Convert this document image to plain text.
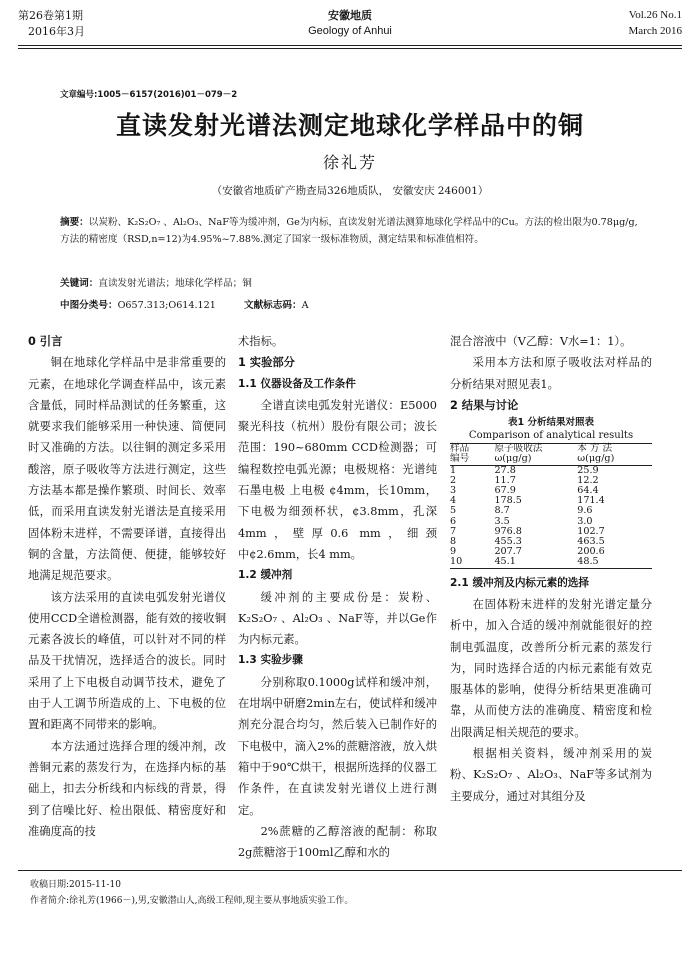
第26卷第1期
2016年3月
安徽地质
Geology of Anhui
Vol.26 No.1
March 2016
文章编号:1005－6157(2016)01－079－2
直读发射光谱法测定地球化学样品中的铜
徐礼芳
（安徽省地质矿产勘查局326地质队， 安徽安庆 246001）
摘要：以炭粉、K₂S₂O₇ 、Al₂O₃、NaF等为缓冲剂，Ge为内标，直读发射光谱法测算地球化学样品中的Cu。方法的检出限为0.78μg/g,方法的精密度（RSD,n=12)为4.95%~7.88%.测定了国家一级标准物质，测定结果和标准值相符。
关键词：直读发射光谱法；地球化学样品；铜
中图分类号：O657.313;O614.121	文献标志码：A
0 引言

铜在地球化学样品中是非常重要的元素，在地球化学调查样品中，该元素含量低，同时样品测试的任务繁重，这就要求我们能够采用一种快速、简便同时又准确的方法。以往铜的测定多采用酸溶，原子吸收等方法进行测定，这些方法基本都是操作繁琐、时间长、效率低，而采用直读发射光谱法是直接采用固体粉末进样，不需要译谱，直接得出铜的含量，方法简便、便捷，能够较好地满足规范要求。

该方法采用的直读电弧发射光谱仪使用CCD全谱检测器，能有效的接收铜元素各波长的峰值，可以针对不同的样品及干扰情况，选择适合的波长。同时采用了上下电极自动调节技术，避免了由于人工调节所造成的上、下电极的位置和距离不同带来的影响。

本方法通过选择合理的缓冲剂，改善铜元素的蒸发行为，在选择内标的基础上，扣去分析线和内标线的背景，得到了信噪比好、检出限低、精密度好和准确度高的技

术指标。

1 实验部分
1.1 仪器设备及工作条件

全谱直读电弧发射光谱仪：E5000聚光科技（杭州）股份有限公司；波长范围：190~680mm CCD检测器；可编程数控电弧光源；电极规格：光谱纯石墨电极 上电极 ¢4mm，长10mm，下电极为细颈杯状，¢3.8mm，孔深4mm，壁厚0.6 mm，细颈中¢2.6mm，长4 mm。

1.2 缓冲剂

缓冲剂的主要成份是：炭粉、K₂S₂O₇ 、Al₂O₃ 、NaF等，并以Ge作为内标元素。

1.3 实验步骤

分别称取0.1000g试样和缓冲剂，在坩埚中研磨2min左右，使试样和缓冲剂充分混合均匀，然后装入已制作好的下电极中，滴入2%的蔗糖溶液，放入烘箱中于90℃烘干，根据所选择的仪器工作条件，在直读发射光谱仪上进行测定。

2%蔗糖的乙醇溶液的配制：称取2g蔗糖溶于100ml乙醇和水的

混合溶液中（V乙醇：V水=1：1）。

采用本方法和原子吸收法对样品的分析结果对照见表1。

2 结果与讨论
表1 分析结果对照表
Comparison of analytical results
样品	原子吸收法	本 方 法
编号	ω(μg/g)	ω(μg/g)
1	27.8	25.9
2	11.7	12.2
3	67.9	64.4
4	178.5	171.4
5	8.7	9.6
6	3.5	3.0
7	976.8	102.7
8	455.3	463.5
9	207.7	200.6
10	45.1	48.5
2.1 缓冲剂及内标元素的选择

在固体粉末进样的发射光谱定量分析中，加入合适的缓冲剂就能很好的控制电弧温度，改善所分析元素的蒸发行为，同时选择合适的内标元素能有效克服基体的影响，使得分析结果更准确可靠，从而使方法的准确度、精密度和检出限满足相关规范的要求。

根据相关资料，缓冲剂采用的炭粉、K₂S₂O₇ 、Al₂O₃、NaF等多试剂为主要成分，通过对其组分及

收稿日期:2015-11-10
作者简介:徐礼芳(1966－),男,安徽潜山人,高级工程师,现主要从事地质实验工作。
